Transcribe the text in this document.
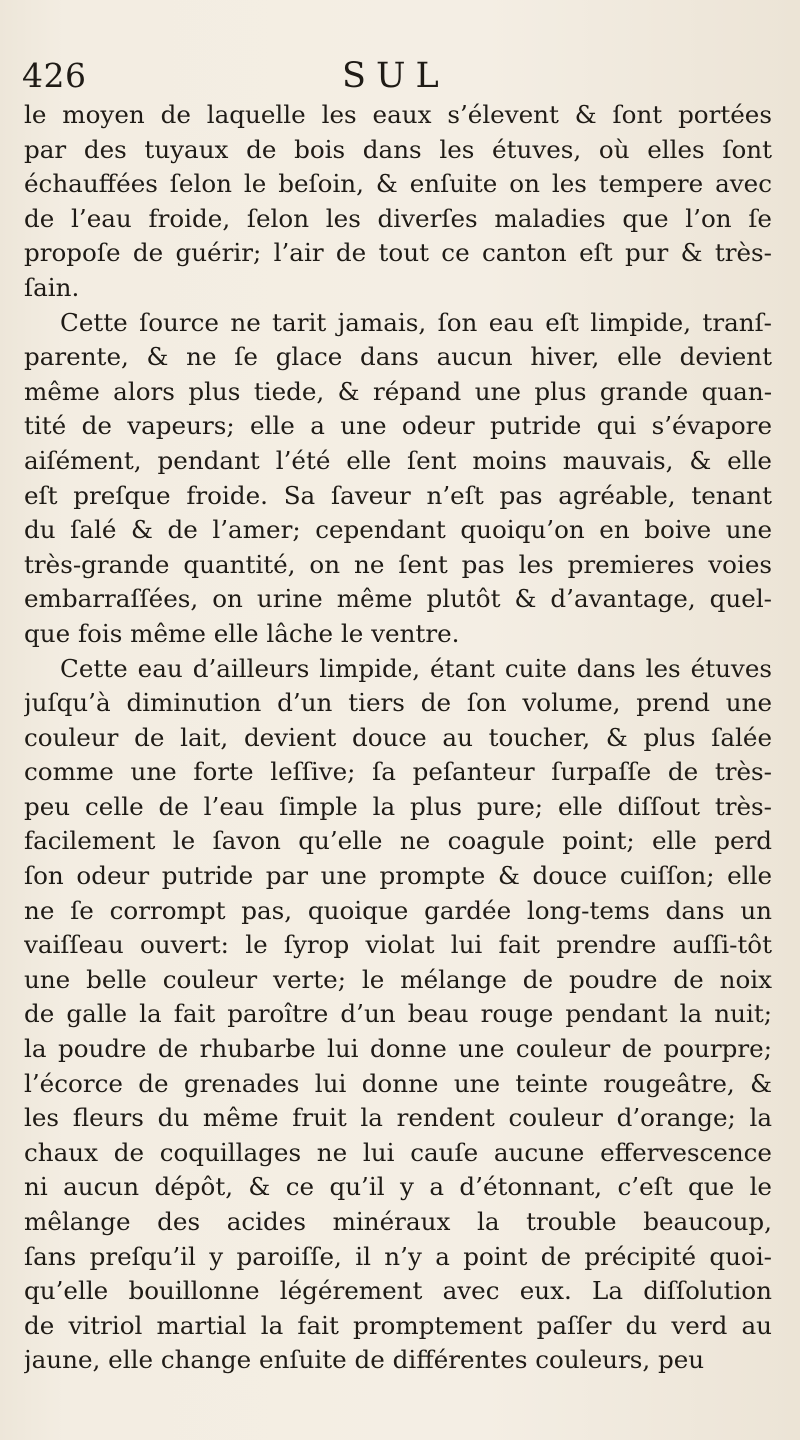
426	SUL
le moyen de laquelle les eaux s’élevent & ſont portées
par des tuyaux de bois dans les étuves, où elles ſont
échauffées ſelon le beſoin, & enſuite on les tempere avec
de l’eau froide, ſelon les diverſes maladies que l’on ſe
propoſe de guérir; l’air de tout ce canton eſt pur & très-
ſain.
Cette ſource ne tarit jamais, ſon eau eſt limpide, tranſ-
parente, & ne ſe glace dans aucun hiver, elle devient
même alors plus tiede, & répand une plus grande quan-
tité de vapeurs; elle a une odeur putride qui s’évapore
aiſément, pendant l’été elle ſent moins mauvais, & elle
eſt preſque froide. Sa ſaveur n’eſt pas agréable, tenant
du ſalé & de l’amer; cependant quoiqu’on en boive une
très-grande quantité, on ne ſent pas les premieres voies
embarraſſées, on urine même plutôt & d’avantage, quel-
que fois même elle lâche le ventre.
Cette eau d’ailleurs limpide, étant cuite dans les étuves
juſqu’à diminution d’un tiers de ſon volume, prend une
couleur de lait, devient douce au toucher, & plus ſalée
comme une forte leſſive; ſa peſanteur ſurpaſſe de très-
peu celle de l’eau ſimple la plus pure; elle diſſout très-
facilement le ſavon qu’elle ne coagule point; elle perd
ſon odeur putride par une prompte & douce cuiſſon; elle
ne ſe corrompt pas, quoique gardée long-tems dans un
vaiſſeau ouvert: le ſyrop violat lui fait prendre auſſi-tôt
une belle couleur verte; le mélange de poudre de noix
de galle la fait paroître d’un beau rouge pendant la nuit;
la poudre de rhubarbe lui donne une couleur de pourpre;
l’écorce de grenades lui donne une teinte rougeâtre, &
les fleurs du même fruit la rendent couleur d’orange; la
chaux de coquillages ne lui cauſe aucune effervescence
ni aucun dépôt, & ce qu’il y a d’étonnant, c’eſt que le
mêlange des acides minéraux la trouble beaucoup,
ſans preſqu’il y paroiſſe, il n’y a point de précipité quoi-
qu’elle bouillonne légérement avec eux. La diſſolution
de vitriol martial la fait promptement paſſer du verd au
jaune, elle change enſuite de différentes couleurs, peu
